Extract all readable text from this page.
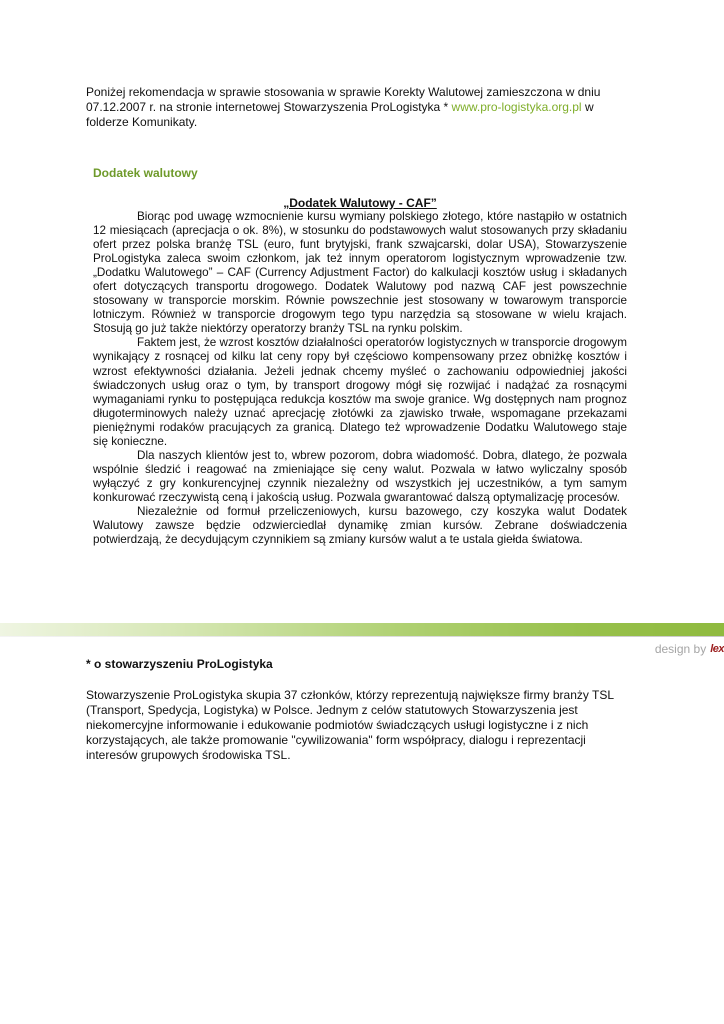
Poniżej rekomendacja w sprawie stosowania w sprawie Korekty Walutowej zamieszczona w dniu 07.12.2007 r. na stronie internetowej Stowarzyszenia ProLogistyka * www.pro-logistyka.org.pl w folderze Komunikaty.

Dodatek walutowy

„Dodatek Walutowy - CAF”

Biorąc pod uwagę wzmocnienie kursu wymiany polskiego złotego, które nastąpiło w ostatnich 12 miesiącach (aprecjacja o ok. 8%), w stosunku do podstawowych walut stosowanych przy składaniu ofert przez polska branżę TSL (euro, funt brytyjski, frank szwajcarski, dolar USA), Stowarzyszenie ProLogistyka zaleca swoim członkom, jak też innym operatorom logistycznym wprowadzenie tzw. „Dodatku Walutowego” – CAF (Currency Adjustment Factor) do kalkulacji kosztów usług i składanych ofert dotyczących transportu drogowego. Dodatek Walutowy pod nazwą CAF jest powszechnie stosowany w transporcie morskim. Równie powszechnie jest stosowany w towarowym transporcie lotniczym. Również w transporcie drogowym tego typu narzędzia są stosowane w wielu krajach. Stosują go już także niektórzy operatorzy branży TSL na rynku polskim.

Faktem jest, że wzrost kosztów działalności operatorów logistycznych w transporcie drogowym wynikający z rosnącej od kilku lat ceny ropy był częściowo kompensowany przez obniżkę kosztów i wzrost efektywności działania. Jeżeli jednak chcemy myśleć o zachowaniu odpowiedniej jakości świadczonych usług oraz o tym, by transport drogowy mógł się rozwijać i nadążać za rosnącymi wymaganiami rynku to postępująca redukcja kosztów ma swoje granice. Wg dostępnych nam prognoz długoterminowych należy uznać aprecjację złotówki za zjawisko trwałe, wspomagane przekazami pieniężnymi rodaków pracujących za granicą. Dlatego też wprowadzenie Dodatku Walutowego staje się konieczne.

Dla naszych klientów jest to, wbrew pozorom, dobra wiadomość. Dobra, dlatego, że pozwala wspólnie śledzić i reagować na zmieniające się ceny walut. Pozwala w łatwo wyliczalny sposób wyłączyć z gry konkurencyjnej czynnik niezależny od wszystkich jej uczestników, a tym samym konkurować rzeczywistą ceną i jakością usług. Pozwala gwarantować dalszą optymalizację procesów.

Niezależnie od formuł przeliczeniowych, kursu bazowego, czy koszyka walut Dodatek Walutowy zawsze będzie odzwierciedlał dynamikę zmian kursów. Zebrane doświadczenia potwierdzają, że decydującym czynnikiem są zmiany kursów walut a te ustala giełda światowa.

design by lex
* o stowarzyszeniu ProLogistyka

Stowarzyszenie ProLogistyka skupia 37 członków, którzy reprezentują największe firmy branży TSL (Transport, Spedycja, Logistyka) w Polsce. Jednym z celów statutowych Stowarzyszenia jest niekomercyjne informowanie i edukowanie podmiotów świadczących usługi logistyczne i z nich korzystających, ale także promowanie "cywilizowania" form współpracy, dialogu i reprezentacji interesów grupowych środowiska TSL.
